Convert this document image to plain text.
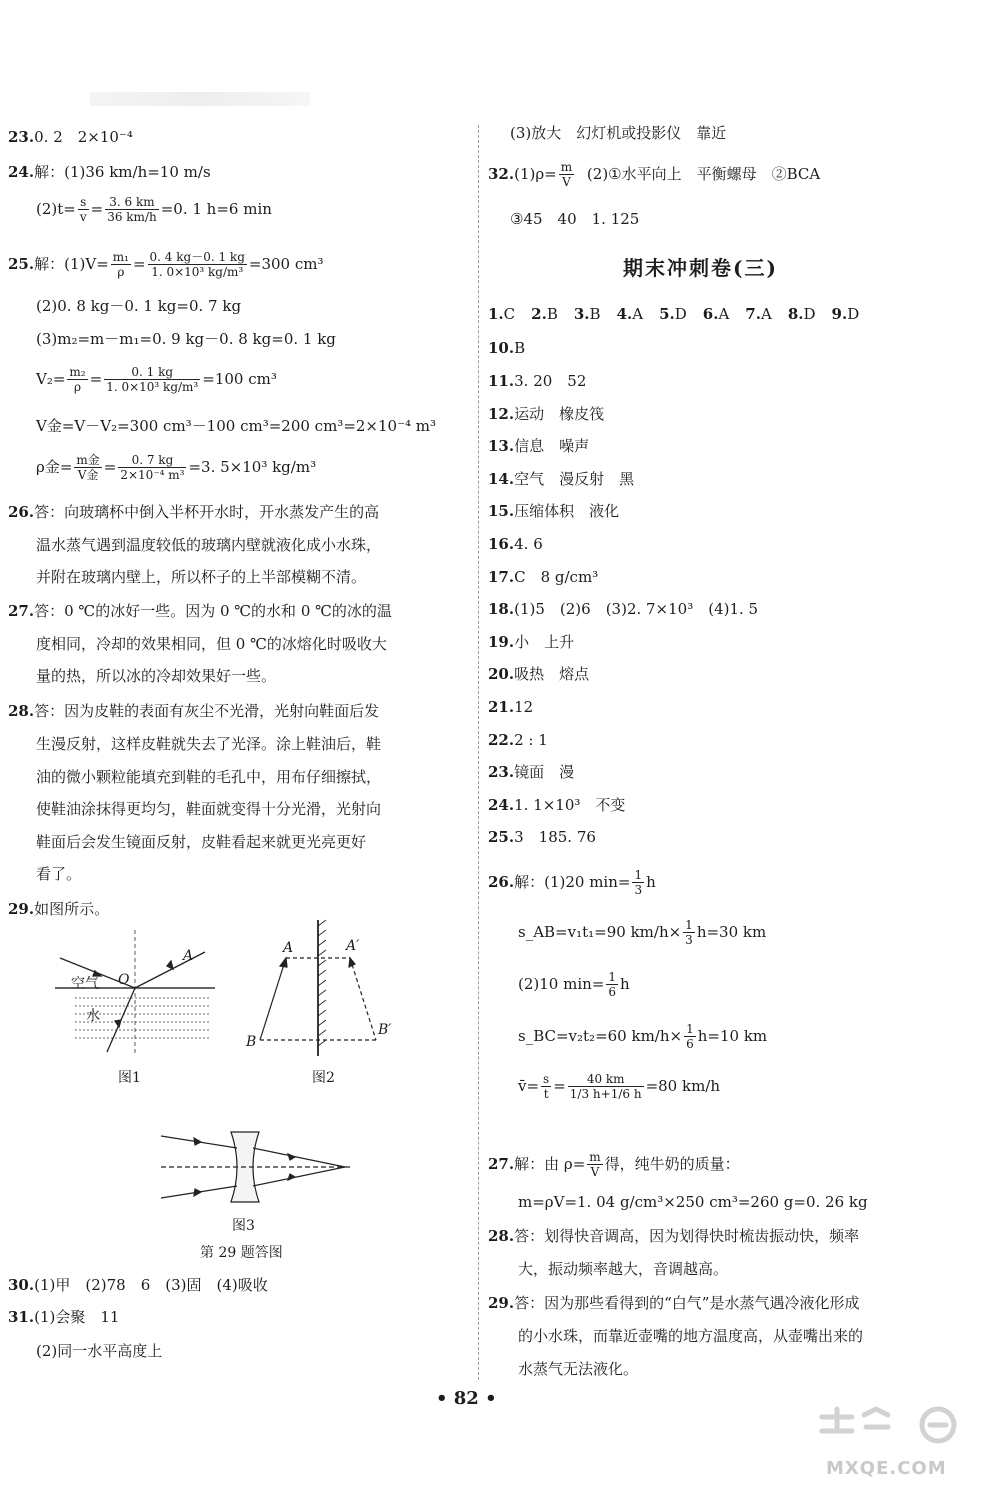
23.0. 2　2×10⁻⁴
24.解：(1)36 km/h=10 m/s
$(2)t= \frac{s}{v} = \frac{3. 6 km}{36 km/h} =0$. 1 h=6 min
25.解：$(1)V= \frac{\text{m₁}}{\rho} = \frac{0. 4 kg-0. 1 kg}{\text{1. 0×10³ kg/m³}} =300$ cm³
(2)0. 8 kg－0. 1 kg=0. 7 kg
(3)m₂=m－m₁=0. 9 kg－0. 8 kg=0. 1 kg
$V_2= \frac{\text{m₂}}{\rho} = \frac{0. 1 kg}{\text{1. 0×10³ kg/m³}} =100$ cm³
V金=V－V₂=300 cm³－100 cm³=200 cm³=2×10⁻⁴ m³
ρ金= $\frac{\text{m金}}{\text{V金}} = \frac{0. 7 kg}{\text{2×10⁻⁴ m³}} =3$. 5×10³ kg/m³
26.答：向玻璃杯中倒入半杯开水时，开水蒸发产生的高
温水蒸气遇到温度较低的玻璃内壁就液化成小水珠，
并附在玻璃内壁上，所以杯子的上半部模糊不清。
27.答：0 ℃的冰好一些。因为 0 ℃的水和 0 ℃的冰的温
度相同，冷却的效果相同，但 0 ℃的冰熔化时吸收大
量的热，所以冰的冷却效果好一些。
28.答：因为皮鞋的表面有灰尘不光滑，光射向鞋面后发
生漫反射，这样皮鞋就失去了光泽。涂上鞋油后，鞋
油的微小颗粒能填充到鞋的毛孔中，用布仔细擦拭，
使鞋油涂抹得更均匀，鞋面就变得十分光滑，光射向
鞋面后会发生镜面反射，皮鞋看起来就更光亮更好
看了。
29.如图所示。
空气
水
O
A
图1
A	A′
B
B′
图2
图3
第 29 题答图
30.(1)甲　(2)78　6　(3)固　(4)吸收
31.(1)会聚　11
(2)同一水平高度上
(3)放大　幻灯机或投影仪　靠近
$32.(1)\rho= \frac{m}{V}$ (2)①水平向上　平衡螺母　②BCA
③45　40　1. 125
期末冲刺卷(三)
1.C 2.B 3.B 4.A 5.D 6.A 7.A 8.D 9.D
10.B
11.3. 20　52
12.运动　橡皮筏
13.信息　噪声
14.空气　漫反射　黑
15.压缩体积　液化
16.4. 6
17.C　8 g/cm³
18.(1)5　(2)6　(3)2. 7×10³　(4)1. 5
19.小　上升
20.吸热　熔点
21.12
22.2 : 1
23.镜面　漫
24.1. 1×10³　不变
25.3　185. 76
26.解：(1)20 $\min= \frac{1}{3}$ h
s_AB=v₁t₁=90 $km/h\times \frac{1}{3} h=30$ km
(2)10 $\min= \frac{1}{6}$ h
s_BC=v₂t₂=60 $km/h\times \frac{1}{6} h=10$ km
v̄= $\frac{s}{t} = \frac{40 km}{1/3 h+1/6 h} =80$ km/h
27.解：由 $\rho= \frac{m}{V}$ 得，纯牛奶的质量：
m=ρV=1. 04 g/cm³×250 cm³=260 g=0. 26 kg
28.答：划得快音调高，因为划得快时梳齿振动快，频率
大，振动频率越大，音调越高。
29.答：因为那些看得到的“白气”是水蒸气遇冷液化形成
的小水珠，而靠近壶嘴的地方温度高，从壶嘴出来的
水蒸气无法液化。
• 82 •
MXQE.COM
